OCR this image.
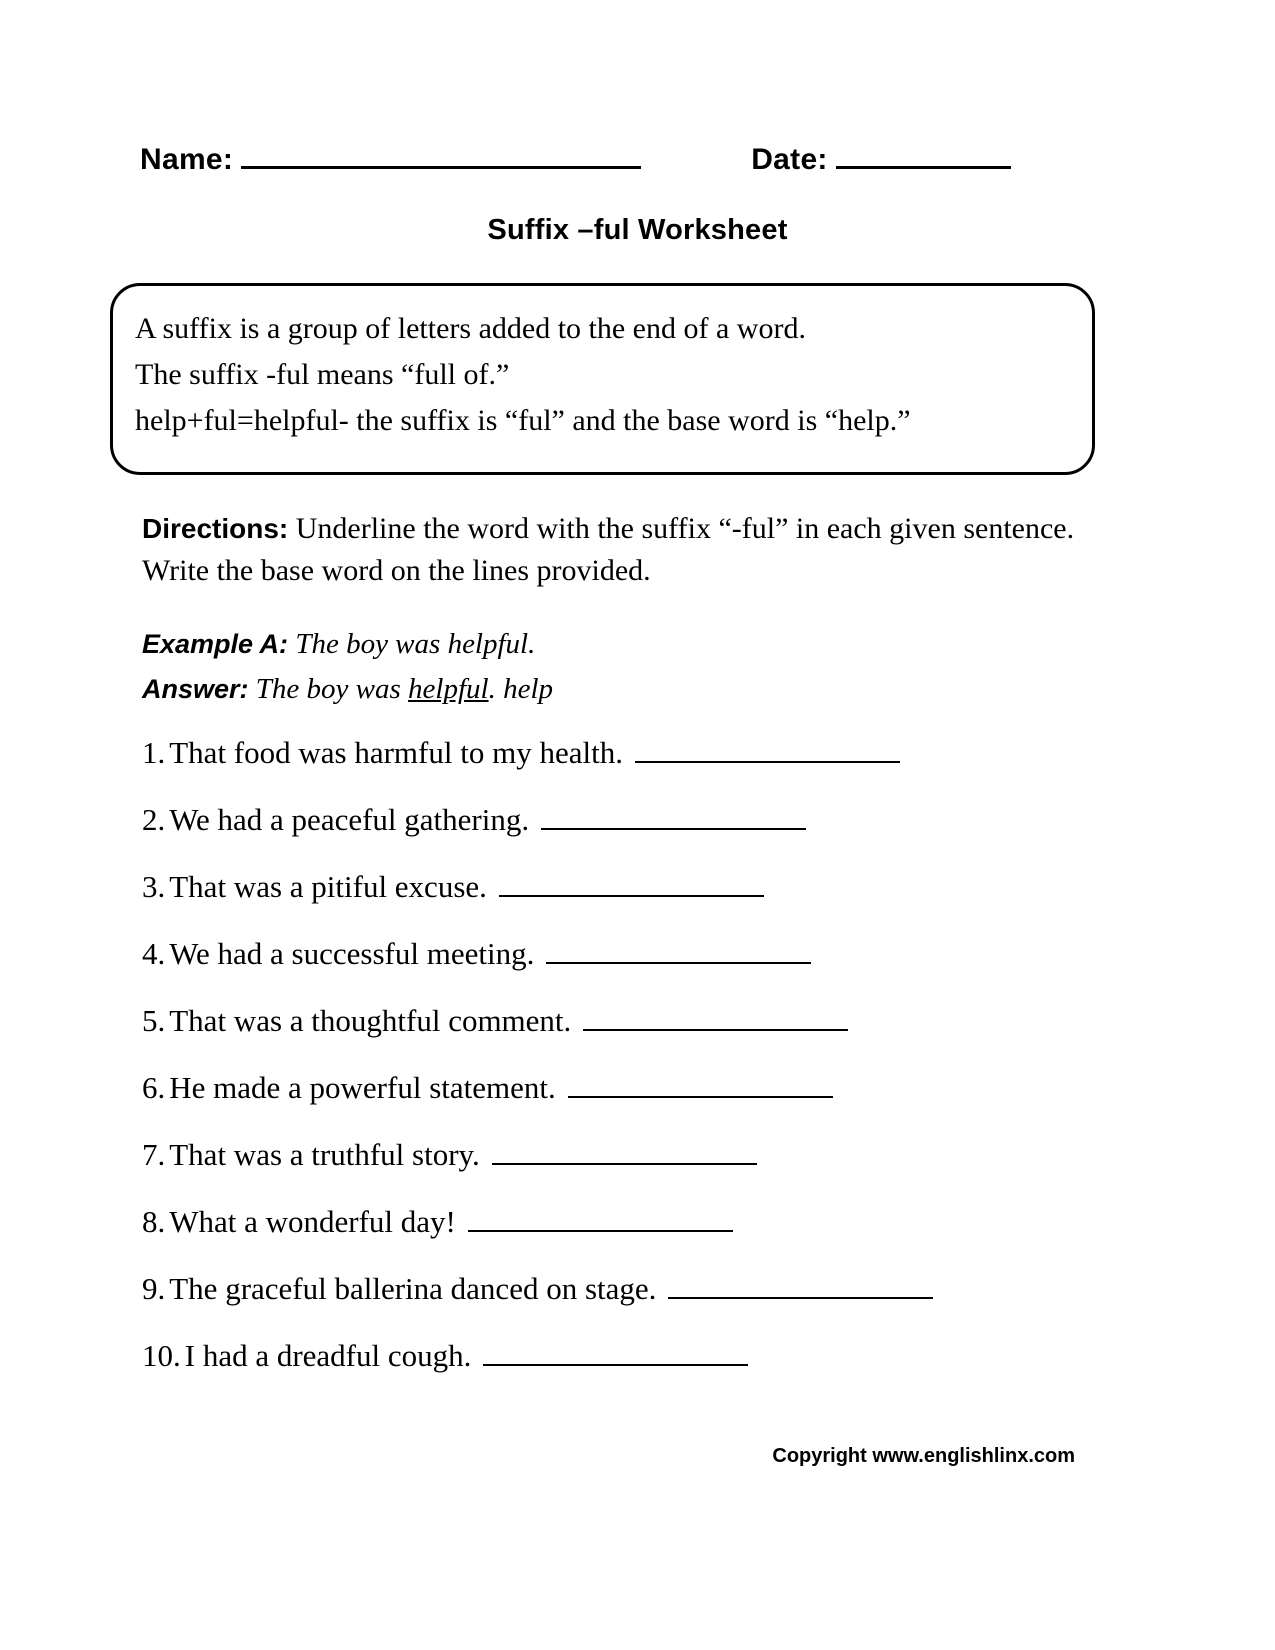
Name:	Date:
Suffix –ful Worksheet
A suffix is a group of letters added to the end of a word.
The suffix -ful means “full of.”
help+ful=helpful- the suffix is “ful” and the base word is “help.”
Directions: Underline the word with the suffix “-ful” in each given sentence. Write the base word on the lines provided.
Example A: The boy was helpful.
Answer: The boy was helpful. help
1. That food was harmful to my health.
2. We had a peaceful gathering.
3. That was a pitiful excuse.
4. We had a successful meeting.
5. That was a thoughtful comment.
6. He made a powerful statement.
7. That was a truthful story.
8. What a wonderful day!
9. The graceful ballerina danced on stage.
10. I had a dreadful cough.
Copyright www.englishlinx.com
